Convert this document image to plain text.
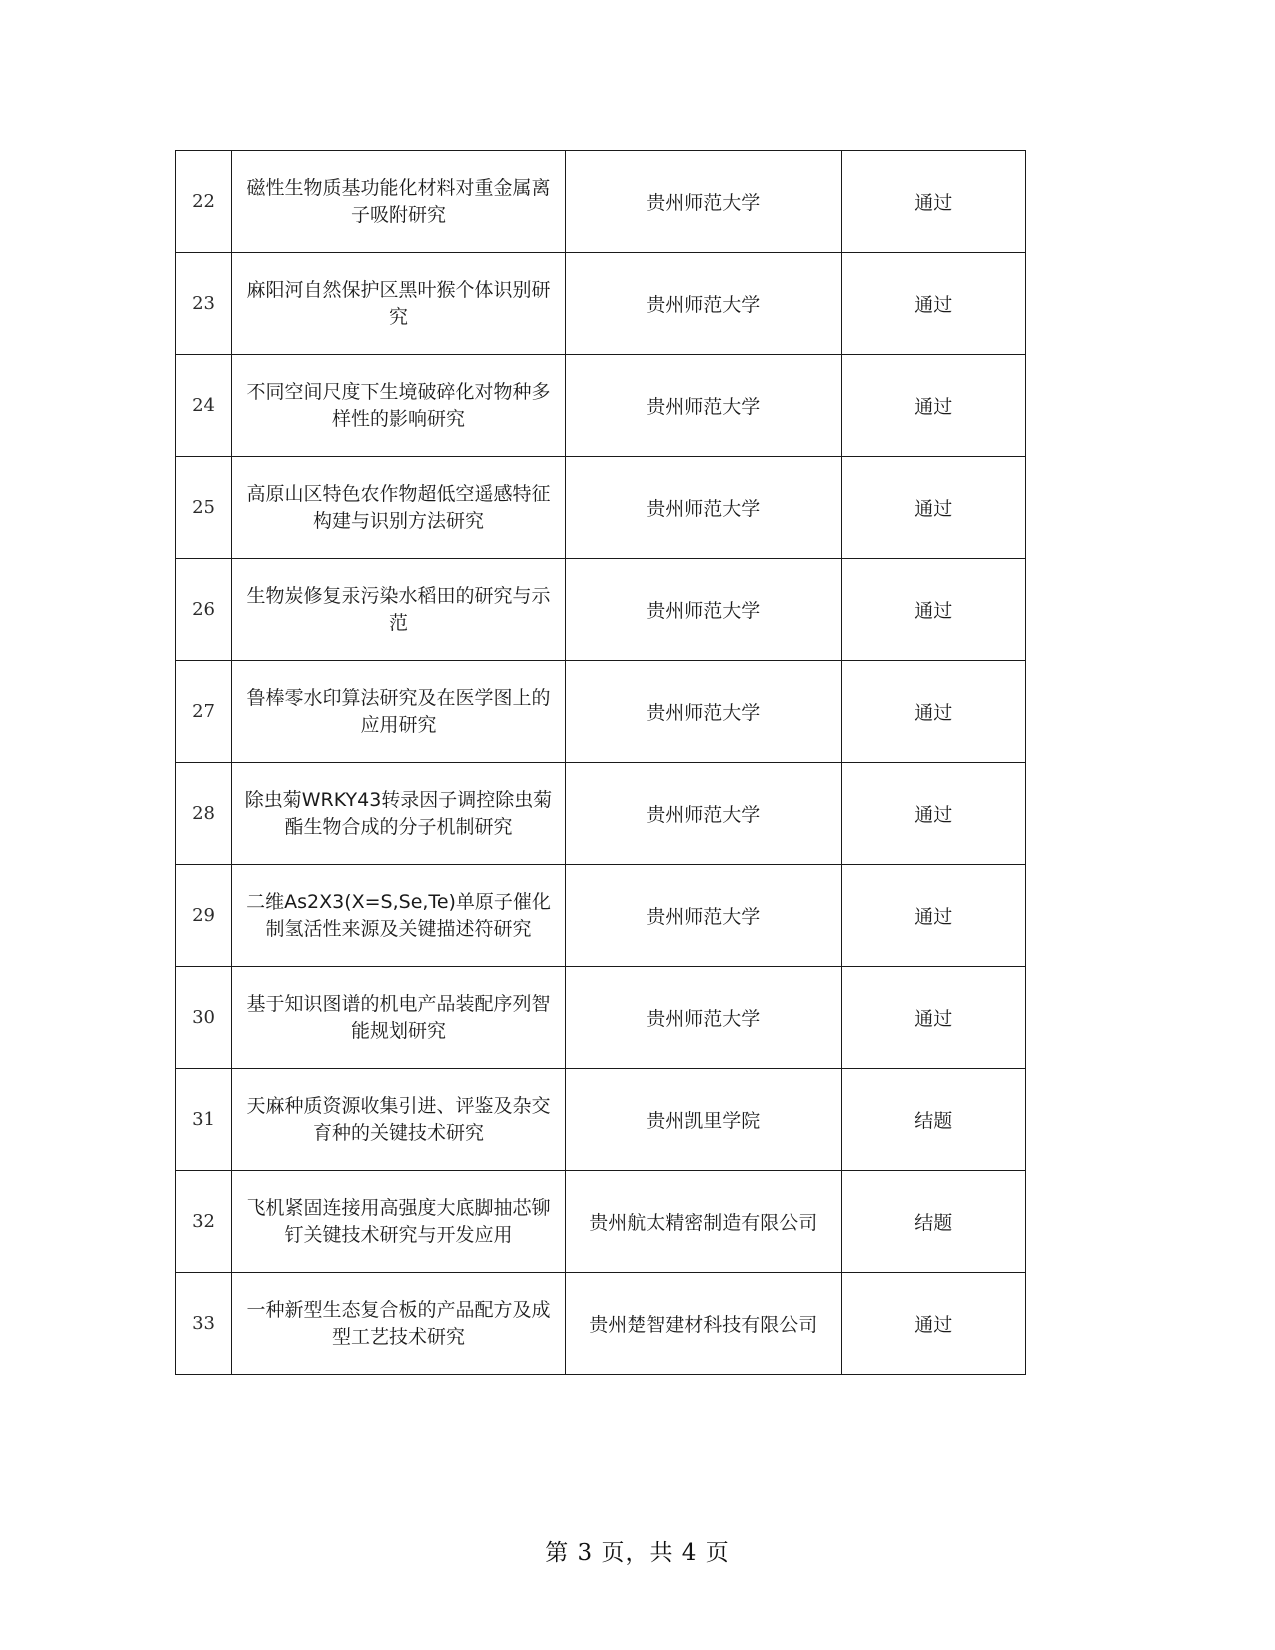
22	磁性生物质基功能化材料对重金属离子吸附研究	贵州师范大学	通过
23	麻阳河自然保护区黑叶猴个体识别研究	贵州师范大学	通过
24	不同空间尺度下生境破碎化对物种多样性的影响研究	贵州师范大学	通过
25	高原山区特色农作物超低空遥感特征构建与识别方法研究	贵州师范大学	通过
26	生物炭修复汞污染水稻田的研究与示范	贵州师范大学	通过
27	鲁棒零水印算法研究及在医学图上的应用研究	贵州师范大学	通过
28	除虫菊WRKY43转录因子调控除虫菊酯生物合成的分子机制研究	贵州师范大学	通过
29	二维As2X3(X=S,Se,Te)单原子催化制氢活性来源及关键描述符研究	贵州师范大学	通过
30	基于知识图谱的机电产品装配序列智能规划研究	贵州师范大学	通过
31	天麻种质资源收集引进、评鉴及杂交育种的关键技术研究	贵州凯里学院	结题
32	飞机紧固连接用高强度大底脚抽芯铆钉关键技术研究与开发应用	贵州航太精密制造有限公司	结题
33	一种新型生态复合板的产品配方及成型工艺技术研究	贵州楚智建材科技有限公司	通过
第 3 页，共 4 页
